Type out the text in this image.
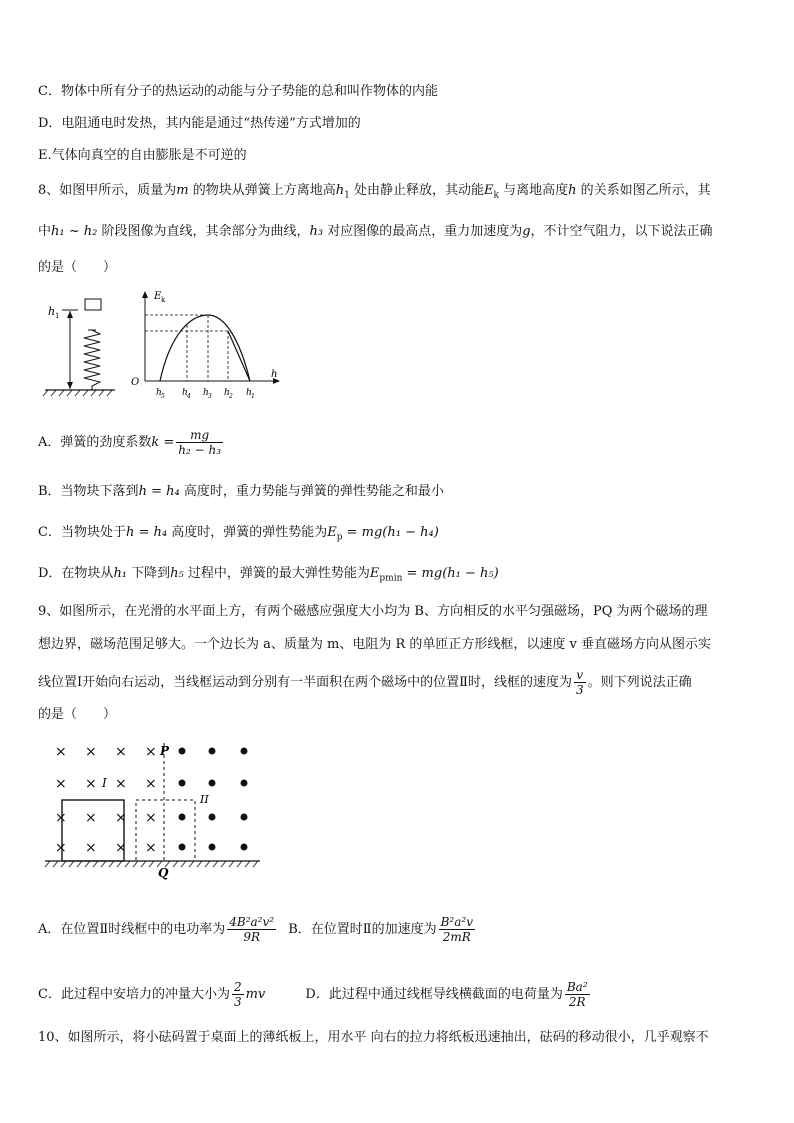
C．物体中所有分子的热运动的动能与分子势能的总和叫作物体的内能
D．电阻通电时发热，其内能是通过“热传递”方式增加的
E.气体向真空的自由膨胀是不可逆的
8、如图甲所示，质量为m 的物块从弹簧上方离地高$h_1$ 处由静止释放，其动能$E_k$ 与离地高度h 的关系如图乙所示，其
中h₁ ~ h₂ 阶段图像为直线，其余部分为曲线，h₃ 对应图像的最高点，重力加速度为g，不计空气阻力，以下说法正确
的是（　　）
h 1
E k
O
h
h 5 h 4 h 3 h 2 h 1
A．弹簧的劲度系数$k = \frac{mg}{\text{h₂ − h₃}}$
B．当物块下落到h = h₄ 高度时，重力势能与弹簧的弹性势能之和最小
C．当物块处于h = h₄ 高度时，弹簧的弹性势能为$E_p = mg(h_1 - h_4)$
D．在物块从h₁ 下降到h₅ 过程中，弹簧的最大弹性势能为$E_{pmin} = mg(h_1 - h_5)$
9、如图所示，在光滑的水平面上方，有两个磁感应强度大小均为 B、方向相反的水平匀强磁场，PQ 为两个磁场的理
想边界，磁场范围足够大。一个边长为 a、质量为 m、电阻为 R 的单匝正方形线框，以速度 v 垂直磁场方向从图示实
线位置Ⅰ开始向右运动，当线框运动到分别有一半面积在两个磁场中的位置Ⅱ时，线框的速度为 $\frac{v}{3}$ 。则下列说法正确
的是（　　）
× × × ×
× × × ×
× × × ×
× × × ×
P
Q
I
II
A．在位置Ⅱ时线框中的电功率为 $\frac{\text{4B²a²v²}}{9R}$ B．在位置时Ⅱ的加速度为 $\frac{\text{B²a²v}}{2mR}$
C．此过程中安培力的冲量大小为 $\frac{2}{3}$ mv	D．此过程中通过线框导线横截面的电荷量为 $\frac{\text{Ba²}}{2R}$
10、如图所示，将小砝码置于桌面上的薄纸板上，用水平 向右的拉力将纸板迅速抽出，砝码的移动很小，几乎观察不
